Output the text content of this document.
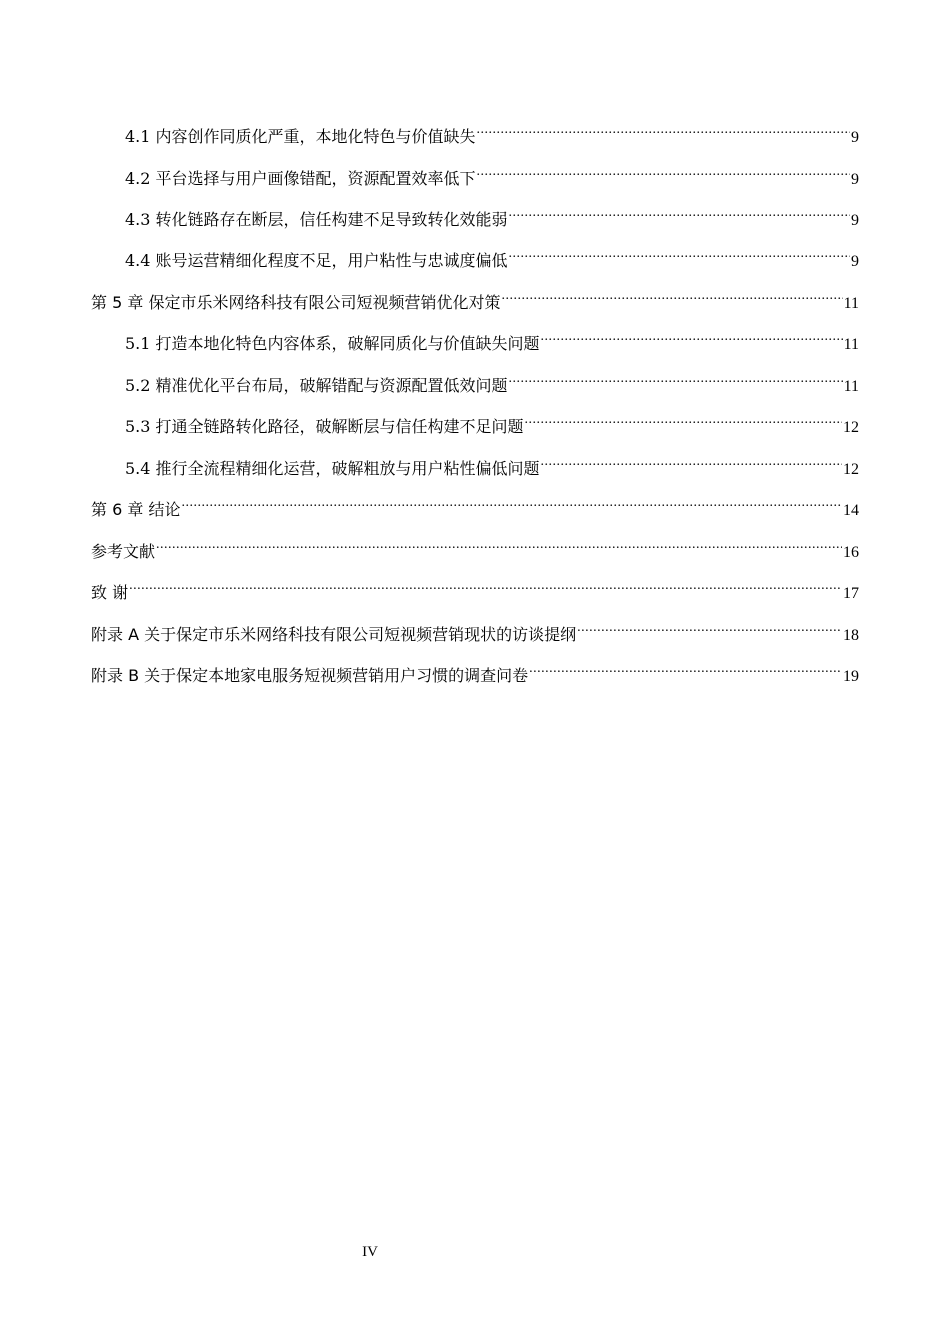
4.1 内容创作同质化严重，本地化特色与价值缺失 .....	9
4.2 平台选择与用户画像错配，资源配置效率低下 .....	9
4.3 转化链路存在断层，信任构建不足导致转化效能弱 .....	9
4.4 账号运营精细化程度不足，用户粘性与忠诚度偏低 .....	9
第 5 章 保定市乐米网络科技有限公司短视频营销优化对策 .....	11
5.1 打造本地化特色内容体系，破解同质化与价值缺失问题 .....	11
5.2 精准优化平台布局，破解错配与资源配置低效问题 .....	11
5.3 打通全链路转化路径，破解断层与信任构建不足问题 .....	12
5.4 推行全流程精细化运营，破解粗放与用户粘性偏低问题 .....	12
第 6 章 结论 .....	14
参考文献 .....	16
致 谢 .....	17
附录 A 关于保定市乐米网络科技有限公司短视频营销现状的访谈提纲 .....	18
附录 B 关于保定本地家电服务短视频营销用户习惯的调查问卷 .....	19
IV
